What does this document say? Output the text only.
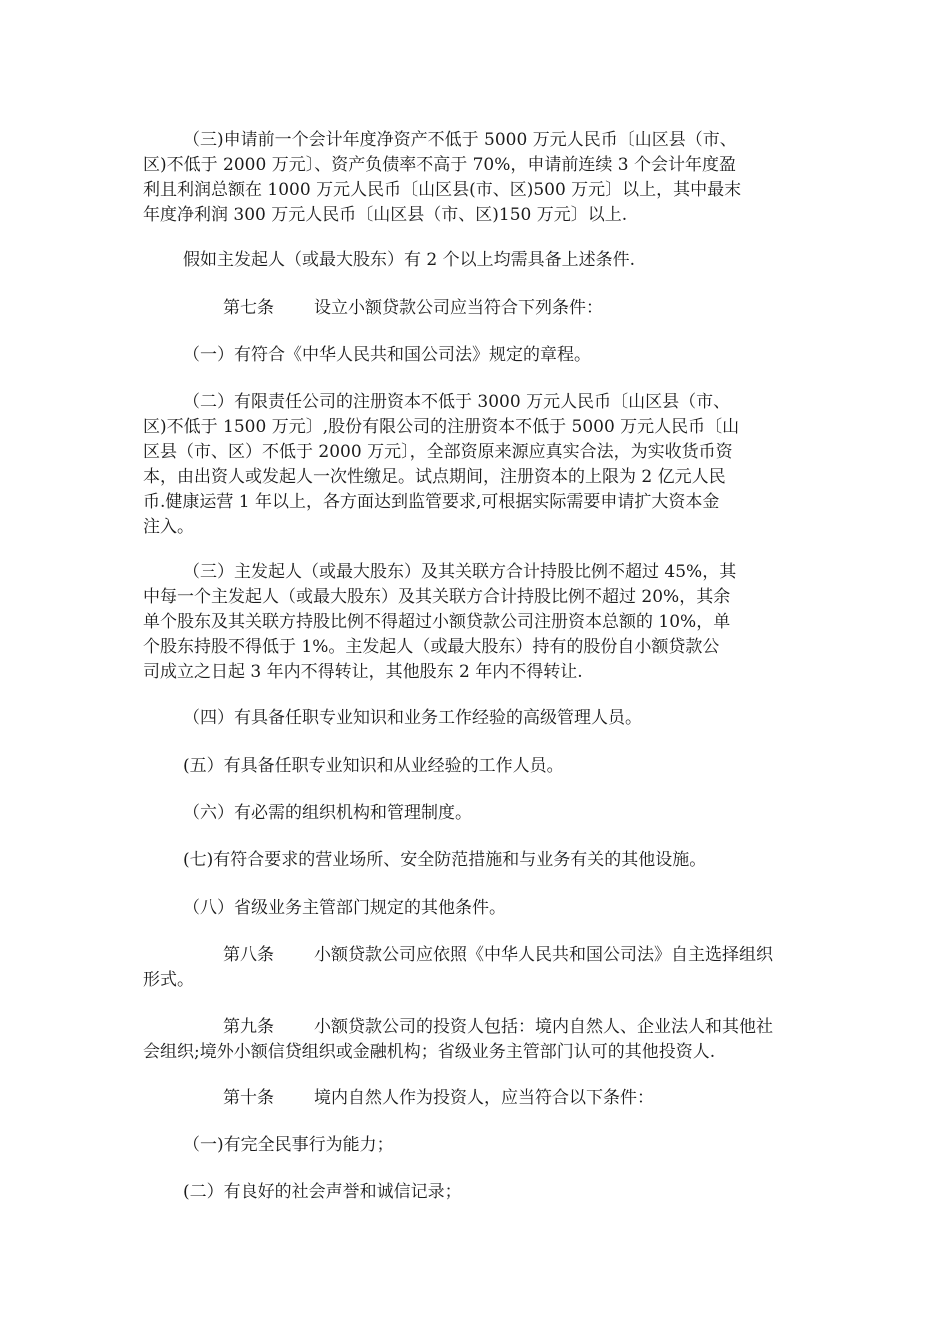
（三)申请前一个会计年度净资产不低于 5000 万元人民币〔山区县（市、
区)不低于 2000 万元〕、资产负债率不高于 70%，申请前连续 3 个会计年度盈
利且利润总额在 1000 万元人民币〔山区县(市、区)500 万元〕以上，其中最末
年度净利润 300 万元人民币〔山区县（市、区)150 万元〕以上.

假如主发起人（或最大股东）有 2 个以上均需具备上述条件.

第七条 设立小额贷款公司应当符合下列条件：

（一）有符合《中华人民共和国公司法》规定的章程。

（二）有限责任公司的注册资本不低于 3000 万元人民币〔山区县（市、
区)不低于 1500 万元〕,股份有限公司的注册资本不低于 5000 万元人民币〔山
区县（市、区）不低于 2000 万元〕，全部资原来源应真实合法，为实收货币资
本，由出资人或发起人一次性缴足。试点期间，注册资本的上限为 2 亿元人民
币.健康运营 1 年以上，各方面达到监管要求,可根据实际需要申请扩大资本金
注入。

（三）主发起人（或最大股东）及其关联方合计持股比例不超过 45%，其
中每一个主发起人（或最大股东）及其关联方合计持股比例不超过 20%，其余
单个股东及其关联方持股比例不得超过小额贷款公司注册资本总额的 10%，单
个股东持股不得低于 1%。主发起人（或最大股东）持有的股份自小额贷款公
司成立之日起 3 年内不得转让，其他股东 2 年内不得转让.

（四）有具备任职专业知识和业务工作经验的高级管理人员。

(五）有具备任职专业知识和从业经验的工作人员。

（六）有必需的组织机构和管理制度。

(七)有符合要求的营业场所、安全防范措施和与业务有关的其他设施。

（八）省级业务主管部门规定的其他条件。

第八条 小额贷款公司应依照《中华人民共和国公司法》自主选择组织
形式。

第九条 小额贷款公司的投资人包括：境内自然人、企业法人和其他社
会组织;境外小额信贷组织或金融机构；省级业务主管部门认可的其他投资人.

第十条 境内自然人作为投资人，应当符合以下条件：

（一)有完全民事行为能力；

(二）有良好的社会声誉和诚信记录；
